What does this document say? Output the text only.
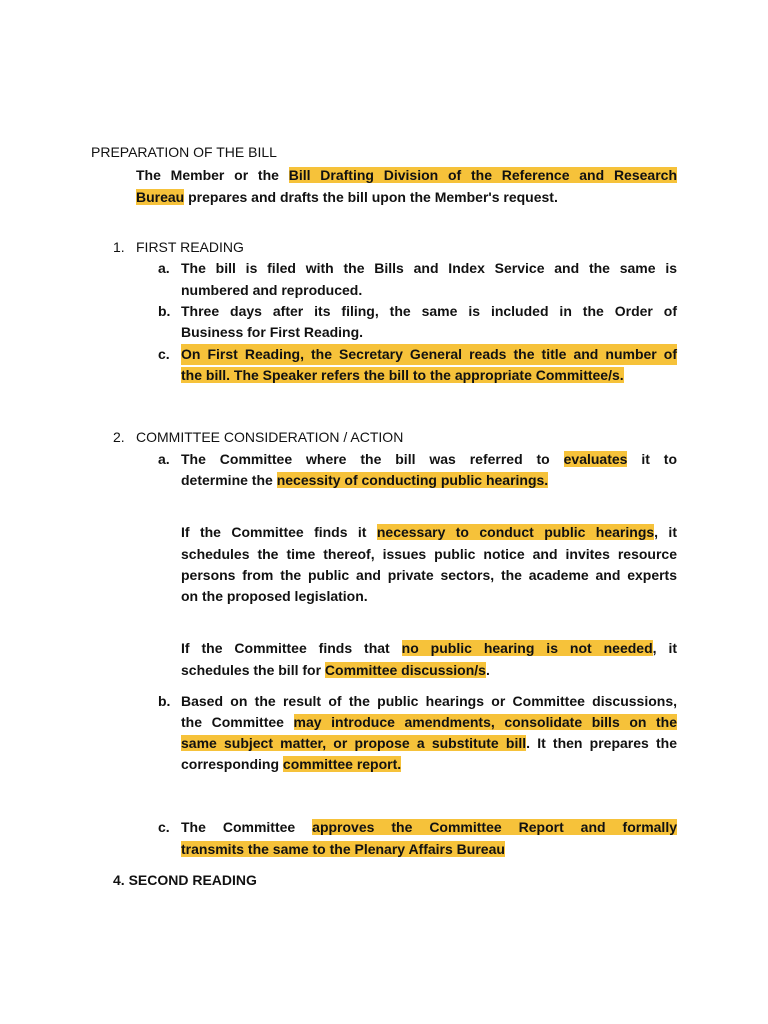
PREPARATION OF THE BILL
The Member or the Bill Drafting Division of the Reference and Research
Bureau prepares and drafts the bill upon the Member's request.
1. FIRST READING
a. The bill is filed with the Bills and Index Service and the same is
numbered and reproduced.
b. Three days after its filing, the same is included in the Order of
Business for First Reading.
c. On First Reading, the Secretary General reads the title and number of
the bill. The Speaker refers the bill to the appropriate Committee/s.
2. COMMITTEE CONSIDERATION / ACTION
a. The Committee where the bill was referred to evaluates it to
determine the necessity of conducting public hearings.
If the Committee finds it necessary to conduct public hearings, it
schedules the time thereof, issues public notice and invites resource
persons from the public and private sectors, the academe and experts
on the proposed legislation.
If the Committee finds that no public hearing is not needed, it
schedules the bill for Committee discussion/s.
b. Based on the result of the public hearings or Committee discussions,
the Committee may introduce amendments, consolidate bills on the
same subject matter, or propose a substitute bill. It then prepares the
corresponding committee report.
c. The Committee approves the Committee Report and formally
transmits the same to the Plenary Affairs Bureau
4. SECOND READING
